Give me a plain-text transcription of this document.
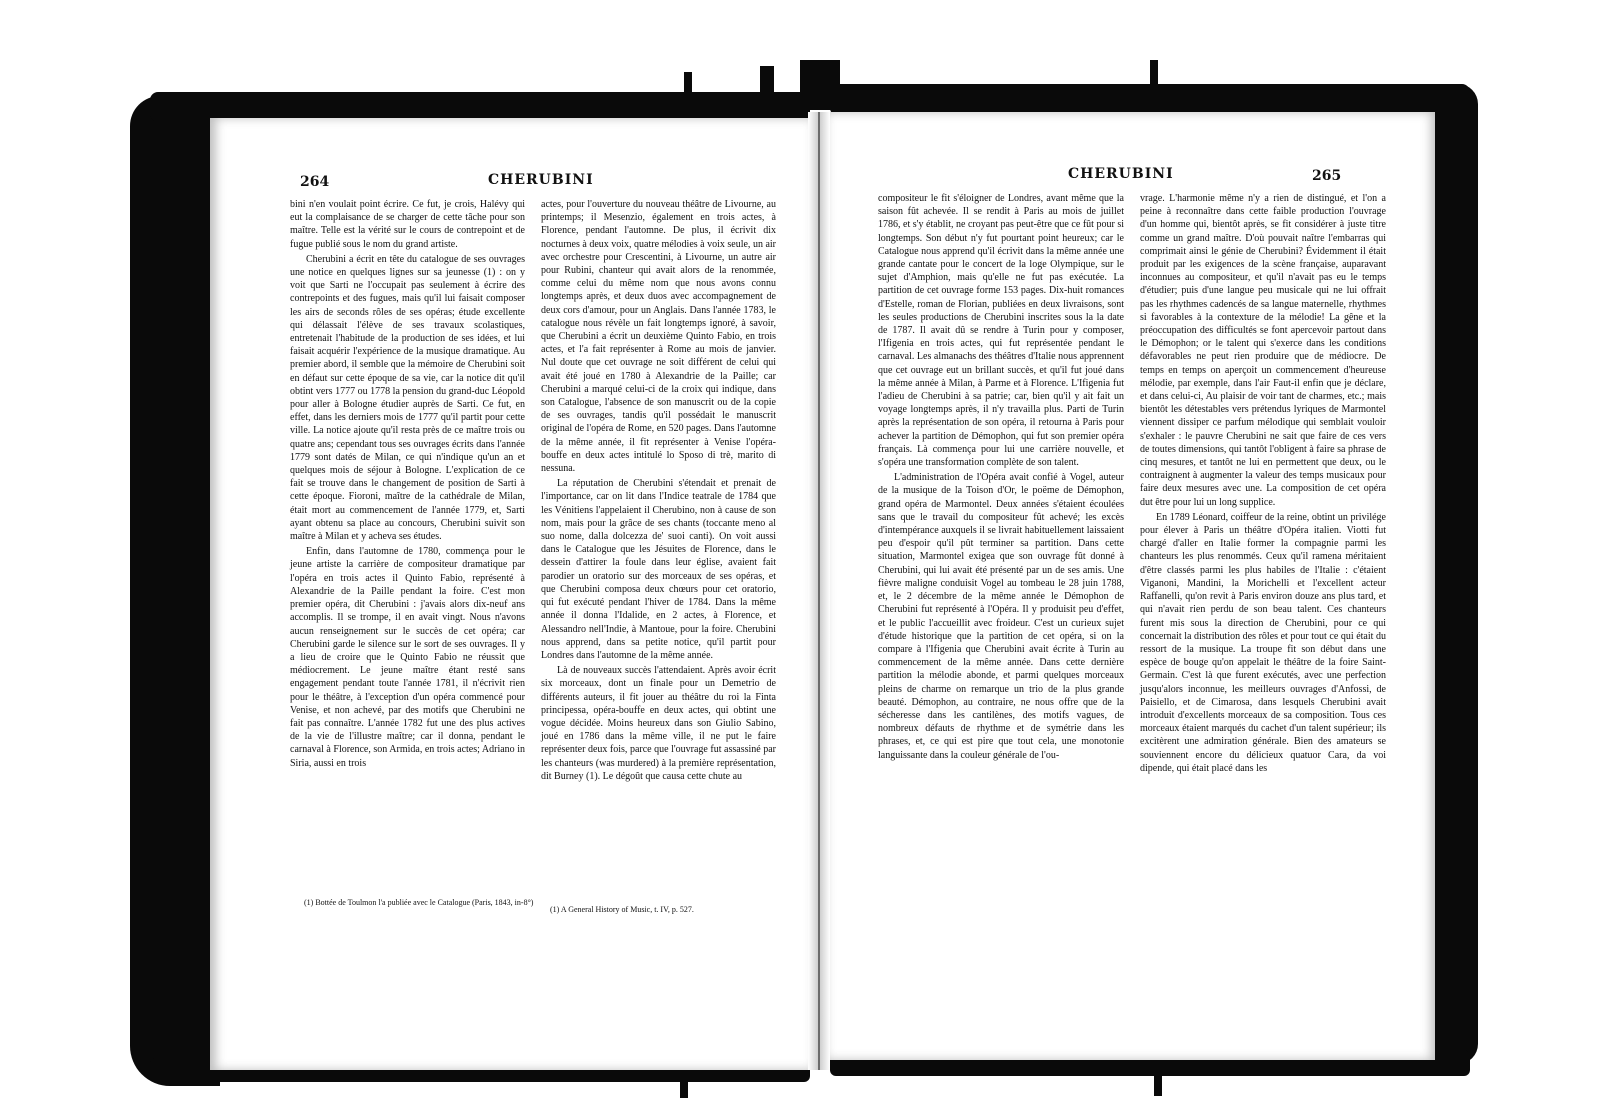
264	CHERUBINI

bini n'en voulait point écrire. Ce fut, je crois, Halévy qui eut la complaisance de se charger de cette tâche pour son maître. Telle est la vérité sur le cours de contrepoint et de fugue publié sous le nom du grand artiste.

Cherubini a écrit en tête du catalogue de ses ouvrages une notice en quelques lignes sur sa jeunesse (1) : on y voit que Sarti ne l'occupait pas seulement à écrire des contrepoints et des fugues, mais qu'il lui faisait composer les airs de seconds rôles de ses opéras; étude excellente qui délassait l'élève de ses travaux scolastiques, entretenait l'habitude de la production de ses idées, et lui faisait acquérir l'expérience de la musique dramatique. Au premier abord, il semble que la mémoire de Cherubini soit en défaut sur cette époque de sa vie, car la notice dit qu'il obtint vers 1777 ou 1778 la pension du grand-duc Léopold pour aller à Bologne étudier auprès de Sarti. Ce fut, en effet, dans les derniers mois de 1777 qu'il partit pour cette ville. La notice ajoute qu'il resta près de ce maître trois ou quatre ans; cependant tous ses ouvrages écrits dans l'année 1779 sont datés de Milan, ce qui n'indique qu'un an et quelques mois de séjour à Bologne. L'explication de ce fait se trouve dans le changement de position de Sarti à cette époque. Fioroni, maître de la cathédrale de Milan, était mort au commencement de l'année 1779, et, Sarti ayant obtenu sa place au concours, Cherubini suivit son maître à Milan et y acheva ses études.

Enfin, dans l'automne de 1780, commença pour le jeune artiste la carrière de compositeur dramatique par l'opéra en trois actes il Quinto Fabio, représenté à Alexandrie de la Paille pendant la foire. C'est mon premier opéra, dit Cherubini : j'avais alors dix-neuf ans accomplis. Il se trompe, il en avait vingt. Nous n'avons aucun renseignement sur le succès de cet opéra; car Cherubini garde le silence sur le sort de ses ouvrages. Il y a lieu de croire que le Quinto Fabio ne réussit que médiocrement. Le jeune maître étant resté sans engagement pendant toute l'année 1781, il n'écrivit rien pour le théâtre, à l'exception d'un opéra commencé pour Venise, et non achevé, par des motifs que Cherubini ne fait pas connaître. L'année 1782 fut une des plus actives de la vie de l'illustre maître; car il donna, pendant le carnaval à Florence, son Armida, en trois actes; Adriano in Siria, aussi en trois

actes, pour l'ouverture du nouveau théâtre de Livourne, au printemps; il Mesenzio, également en trois actes, à Florence, pendant l'automne. De plus, il écrivit dix nocturnes à deux voix, quatre mélodies à voix seule, un air avec orchestre pour Crescentini, à Livourne, un autre air pour Rubini, chanteur qui avait alors de la renommée, comme celui du même nom que nous avons connu longtemps après, et deux duos avec accompagnement de deux cors d'amour, pour un Anglais. Dans l'année 1783, le catalogue nous révèle un fait longtemps ignoré, à savoir, que Cherubini a écrit un deuxième Quinto Fabio, en trois actes, et l'a fait représenter à Rome au mois de janvier. Nul doute que cet ouvrage ne soit différent de celui qui avait été joué en 1780 à Alexandrie de la Paille; car Cherubini a marqué celui-ci de la croix qui indique, dans son Catalogue, l'absence de son manuscrit ou de la copie de ses ouvrages, tandis qu'il possédait le manuscrit original de l'opéra de Rome, en 520 pages. Dans l'automne de la même année, il fit représenter à Venise l'opéra-bouffe en deux actes intitulé lo Sposo di trè, marito di nessuna.

La réputation de Cherubini s'étendait et prenait de l'importance, car on lit dans l'Indice teatrale de 1784 que les Vénitiens l'appelaient il Cherubino, non à cause de son nom, mais pour la grâce de ses chants (toccante meno al suo nome, dalla dolcezza de' suoi canti). On voit aussi dans le Catalogue que les Jésuites de Florence, dans le dessein d'attirer la foule dans leur église, avaient fait parodier un oratorio sur des morceaux de ses opéras, et que Cherubini composa deux chœurs pour cet oratorio, qui fut exécuté pendant l'hiver de 1784. Dans la même année il donna l'Idalide, en 2 actes, à Florence, et Alessandro nell'Indie, à Mantoue, pour la foire. Cherubini nous apprend, dans sa petite notice, qu'il partit pour Londres dans l'automne de la même année.

Là de nouveaux succès l'attendaient. Après avoir écrit six morceaux, dont un finale pour un Demetrio de différents auteurs, il fit jouer au théâtre du roi la Finta principessa, opéra-bouffe en deux actes, qui obtint une vogue décidée. Moins heureux dans son Giulio Sabino, joué en 1786 dans la même ville, il ne put le faire représenter deux fois, parce que l'ouvrage fut assassiné par les chanteurs (was murdered) à la première représentation, dit Burney (1). Le dégoût que causa cette chute au

(1) Bottée de Toulmon l'a publiée avec le Catalogue (Paris, 1843, in-8°)
(1) A General History of Music, t. IV, p. 527.
CHERUBINI	265

compositeur le fit s'éloigner de Londres, avant même que la saison fût achevée. Il se rendit à Paris au mois de juillet 1786, et s'y établit, ne croyant pas peut-être que ce fût pour si longtemps. Son début n'y fut pourtant point heureux; car le Catalogue nous apprend qu'il écrivit dans la même année une grande cantate pour le concert de la loge Olympique, sur le sujet d'Amphion, mais qu'elle ne fut pas exécutée. La partition de cet ouvrage forme 153 pages. Dix-huit romances d'Estelle, roman de Florian, publiées en deux livraisons, sont les seules productions de Cherubini inscrites sous la la date de 1787. Il avait dû se rendre à Turin pour y composer, l'Ifigenia en trois actes, qui fut représentée pendant le carnaval. Les almanachs des théâtres d'Italie nous apprennent que cet ouvrage eut un brillant succès, et qu'il fut joué dans la même année à Milan, à Parme et à Florence. L'Ifigenia fut l'adieu de Cherubini à sa patrie; car, bien qu'il y ait fait un voyage longtemps après, il n'y travailla plus. Parti de Turin après la représentation de son opéra, il retourna à Paris pour achever la partition de Démophon, qui fut son premier opéra français. Là commença pour lui une carrière nouvelle, et s'opéra une transformation complète de son talent.

L'administration de l'Opéra avait confié à Vogel, auteur de la musique de la Toison d'Or, le poëme de Démophon, grand opéra de Marmontel. Deux années s'étaient écoulées sans que le travail du compositeur fût achevé; les excès d'intempérance auxquels il se livrait habituellement laissaient peu d'espoir qu'il pût terminer sa partition. Dans cette situation, Marmontel exigea que son ouvrage fût donné à Cherubini, qui lui avait été présenté par un de ses amis. Une fièvre maligne conduisit Vogel au tombeau le 28 juin 1788, et, le 2 décembre de la même année le Démophon de Cherubini fut représenté à l'Opéra. Il y produisit peu d'effet, et le public l'accueillit avec froideur. C'est un curieux sujet d'étude historique que la partition de cet opéra, si on la compare à l'Ifigenia que Cherubini avait écrite à Turin au commencement de la même année. Dans cette dernière partition la mélodie abonde, et parmi quelques morceaux pleins de charme on remarque un trio de la plus grande beauté. Démophon, au contraire, ne nous offre que de la sécheresse dans les cantilènes, des motifs vagues, de nombreux défauts de rhythme et de symétrie dans les phrases, et, ce qui est pire que tout cela, une monotonie languissante dans la couleur générale de l'ou-

vrage. L'harmonie même n'y a rien de distingué, et l'on a peine à reconnaître dans cette faible production l'ouvrage d'un homme qui, bientôt après, se fit considérer à juste titre comme un grand maître. D'où pouvait naître l'embarras qui comprimait ainsi le génie de Cherubini? Évidemment il était produit par les exigences de la scène française, auparavant inconnues au compositeur, et qu'il n'avait pas eu le temps d'étudier; puis d'une langue peu musicale qui ne lui offrait pas les rhythmes cadencés de sa langue maternelle, rhythmes si favorables à la contexture de la mélodie! La gêne et la préoccupation des difficultés se font apercevoir partout dans le Démophon; or le talent qui s'exerce dans les conditions défavorables ne peut rien produire que de médiocre. De temps en temps on aperçoit un commencement d'heureuse mélodie, par exemple, dans l'air Faut-il enfin que je déclare, et dans celui-ci, Au plaisir de voir tant de charmes, etc.; mais bientôt les détestables vers prétendus lyriques de Marmontel viennent dissiper ce parfum mélodique qui semblait vouloir s'exhaler : le pauvre Cherubini ne sait que faire de ces vers de toutes dimensions, qui tantôt l'obligent à faire sa phrase de cinq mesures, et tantôt ne lui en permettent que deux, ou le contraignent à augmenter la valeur des temps musicaux pour faire deux mesures avec une. La composition de cet opéra dut être pour lui un long supplice.

En 1789 Léonard, coiffeur de la reine, obtint un privilége pour élever à Paris un théâtre d'Opéra italien. Viotti fut chargé d'aller en Italie former la compagnie parmi les chanteurs les plus renommés. Ceux qu'il ramena méritaient d'être classés parmi les plus habiles de l'Italie : c'étaient Viganoni, Mandini, la Morichelli et l'excellent acteur Raffanelli, qu'on revit à Paris environ douze ans plus tard, et qui n'avait rien perdu de son beau talent. Ces chanteurs furent mis sous la direction de Cherubini, pour ce qui concernait la distribution des rôles et pour tout ce qui était du ressort de la musique. La troupe fit son début dans une espèce de bouge qu'on appelait le théâtre de la foire Saint-Germain. C'est là que furent exécutés, avec une perfection jusqu'alors inconnue, les meilleurs ouvrages d'Anfossi, de Paisiello, et de Cimarosa, dans lesquels Cherubini avait introduit d'excellents morceaux de sa composition. Tous ces morceaux étaient marqués du cachet d'un talent supérieur; ils excitèrent une admiration générale. Bien des amateurs se souviennent encore du délicieux quatuor Cara, da voi dipende, qui était placé dans les
